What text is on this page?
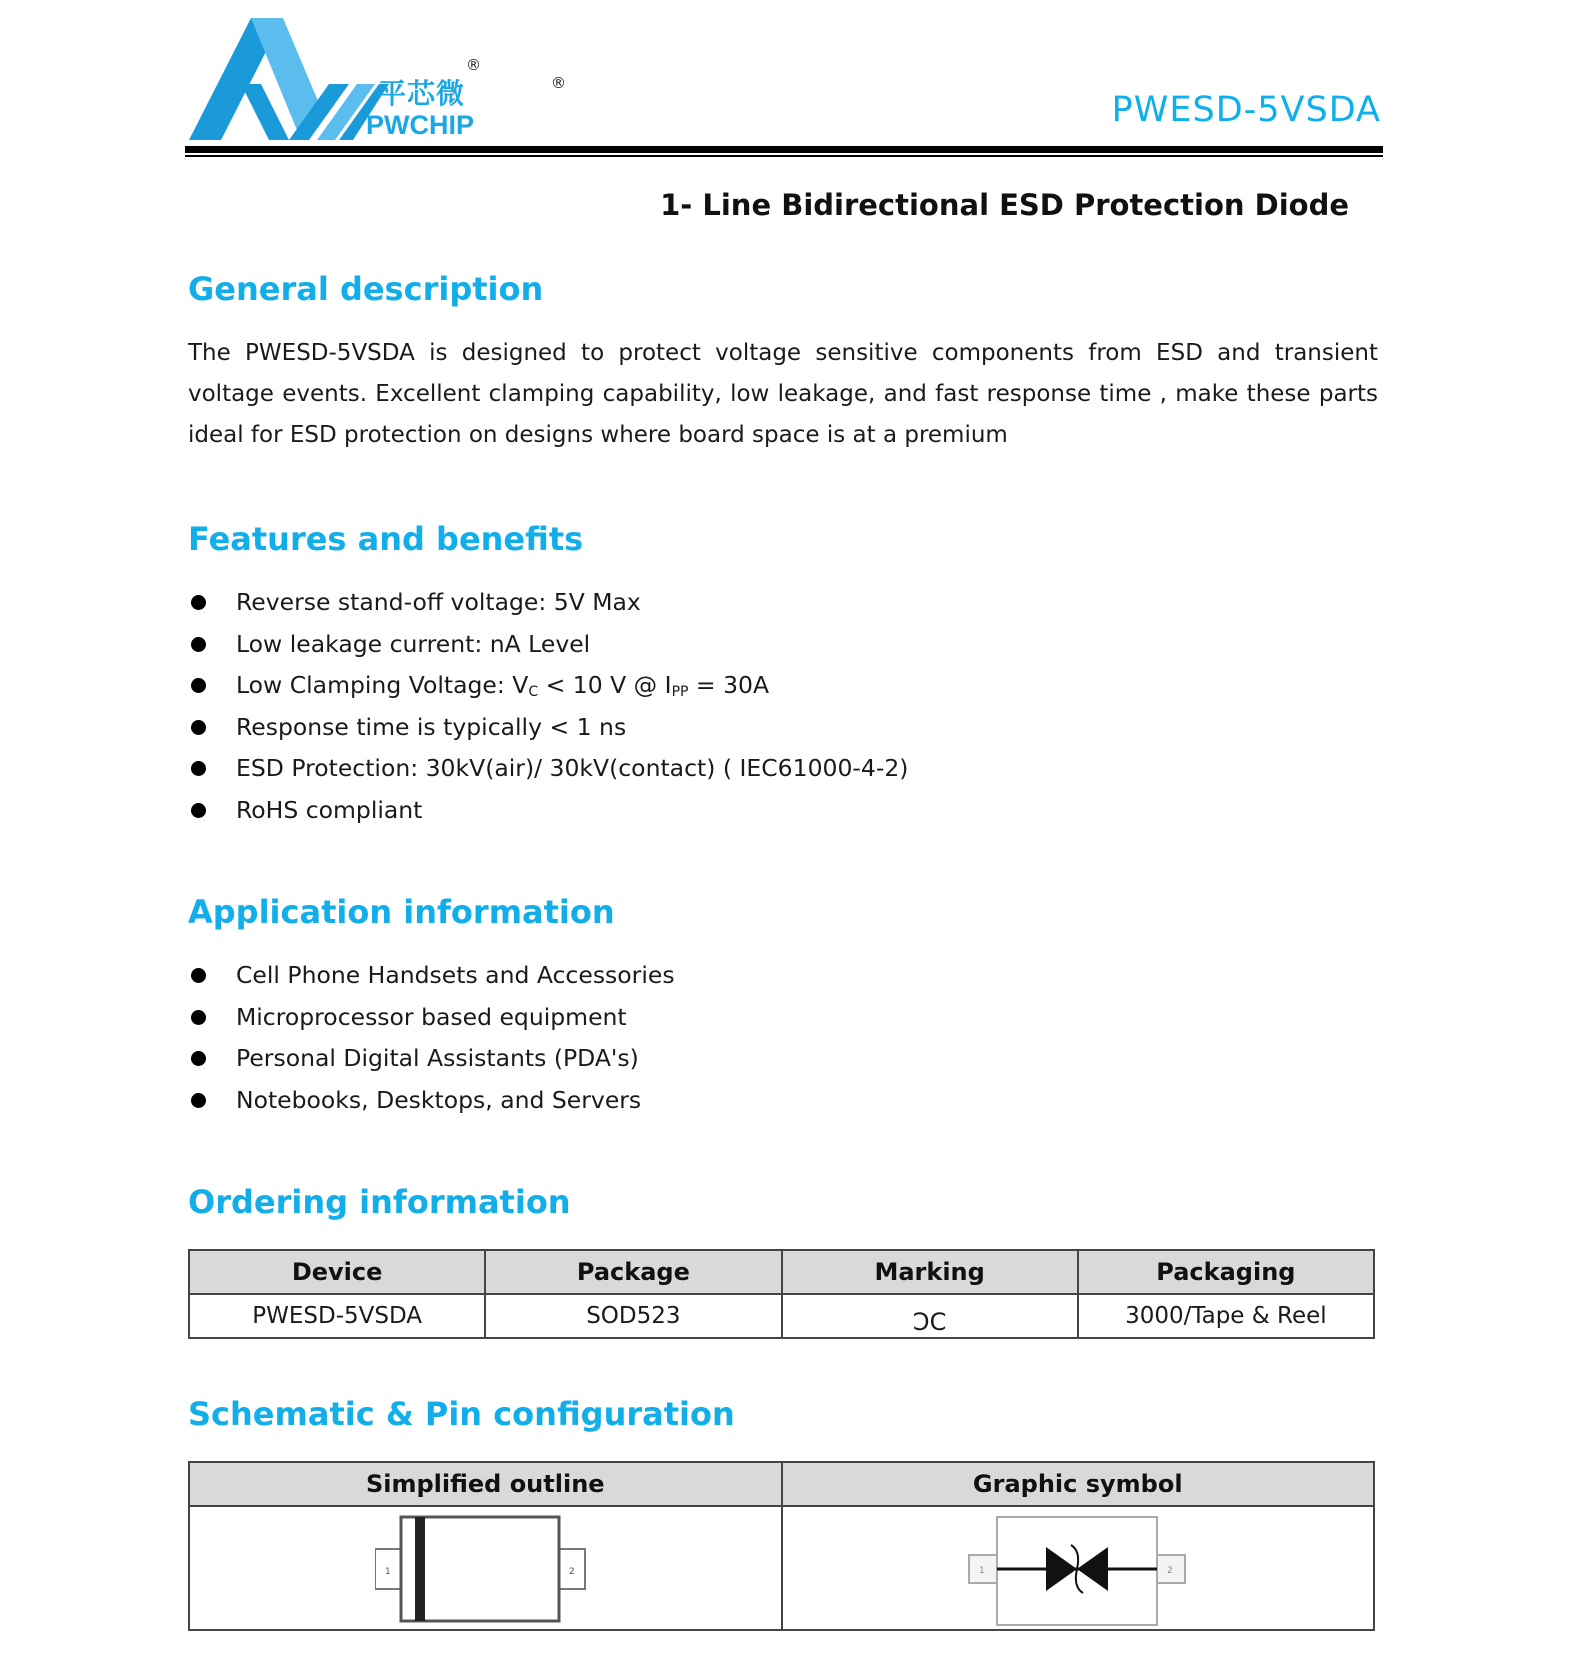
®
®
平芯微
PWCHIP	PWESD-5VSDA
1- Line Bidirectional ESD Protection Diode
General description
The PWESD-5VSDA is designed to protect voltage sensitive components from ESD and transient voltage events. Excellent clamping capability, low leakage, and fast response time , make these parts ideal for ESD protection on designs where board space is at a premium
Features and benefits
Reverse stand-off voltage: 5V Max
Low leakage current: nA Level
Low Clamping Voltage: $V_C < 10$ V @ $I_{PP} = 30A$
Response time is typically < 1 ns
ESD Protection: 30kV(air)/ 30kV(contact) ( IEC61000-4-2)
RoHS compliant
Application information
Cell Phone Handsets and Accessories
Microprocessor based equipment
Personal Digital Assistants (PDA's)
Notebooks, Desktops, and Servers
Ordering information
Device	Package	Marking	Packaging
PWESD-5VSDA	SOD523	ƆC	3000/Tape & Reel
Schematic & Pin configuration
Simplified outline	Graphic symbol

1 2	1 2
